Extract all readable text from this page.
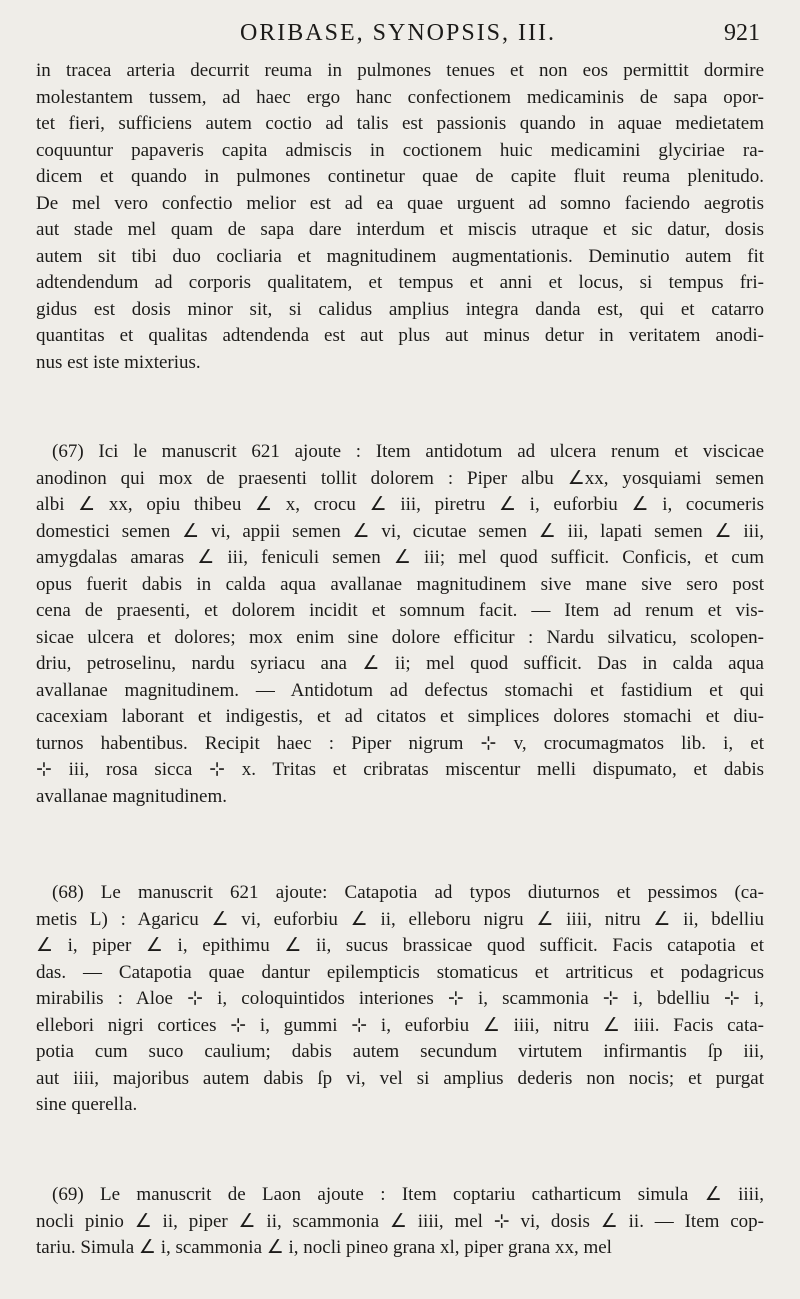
ORIBASE, SYNOPSIS, III.	921
in tracea arteria decurrit reuma in pulmones tenues et non eos permittit dormire
molestantem tussem, ad haec ergo hanc confectionem medicaminis de sapa opor-
tet fieri, sufficiens autem coctio ad talis est passionis quando in aquae medietatem
coquuntur papaveris capita admiscis in coctionem huic medicamini glyciriae ra-
dicem et quando in pulmones continetur quae de capite fluit reuma plenitudo.
De mel vero confectio melior est ad ea quae urguent ad somno faciendo aegrotis
aut stade mel quam de sapa dare interdum et miscis utraque et sic datur, dosis
autem sit tibi duo cocliaria et magnitudinem augmentationis. Deminutio autem fit
adtendendum ad corporis qualitatem, et tempus et anni et locus, si tempus fri-
gidus est dosis minor sit, si calidus amplius integra danda est, qui et catarro
quantitas et qualitas adtendenda est aut plus aut minus detur in veritatem anodi-
nus est iste mixterius.
(67) Ici le manuscrit 621 ajoute : Item antidotum ad ulcera renum et viscicae
anodinon qui mox de praesenti tollit dolorem : Piper albu ∠xx, yosquiami semen
albi ∠ xx, opiu thibeu ∠ x, crocu ∠ iii, piretru ∠ i, euforbiu ∠ i, cocumeris
domestici semen ∠ vi, appii semen ∠ vi, cicutae semen ∠ iii, lapati semen ∠ iii,
amygdalas amaras ∠ iii, feniculi semen ∠ iii; mel quod sufficit. Conficis, et cum
opus fuerit dabis in calda aqua avallanae magnitudinem sive mane sive sero post
cena de praesenti, et dolorem incidit et somnum facit. — Item ad renum et vis-
sicae ulcera et dolores; mox enim sine dolore efficitur : Nardu silvaticu, scolopen-
driu, petroselinu, nardu syriacu ana ∠ ii; mel quod sufficit. Das in calda aqua
avallanae magnitudinem. — Antidotum ad defectus stomachi et fastidium et qui
cacexiam laborant et indigestis, et ad citatos et simplices dolores stomachi et diu-
turnos habentibus. Recipit haec : Piper nigrum ⊹ v, crocumagmatos lib. i, et
⊹ iii, rosa sicca ⊹ x. Tritas et cribratas miscentur melli dispumato, et dabis
avallanae magnitudinem.
(68) Le manuscrit 621 ajoute: Catapotia ad typos diuturnos et pessimos (ca-
metis L) : Agaricu ∠ vi, euforbiu ∠ ii, elleboru nigru ∠ iiii, nitru ∠ ii, bdelliu
∠ i, piper ∠ i, epithimu ∠ ii, sucus brassicae quod sufficit. Facis catapotia et
das. — Catapotia quae dantur epilempticis stomaticus et artriticus et podagricus
mirabilis : Aloe ⊹ i, coloquintidos interiones ⊹ i, scammonia ⊹ i, bdelliu ⊹ i,
ellebori nigri cortices ⊹ i, gummi ⊹ i, euforbiu ∠ iiii, nitru ∠ iiii. Facis cata-
potia cum suco caulium; dabis autem secundum virtutem infirmantis ſp iii,
aut iiii, majoribus autem dabis ſp vi, vel si amplius dederis non nocis; et purgat
sine querella.
(69) Le manuscrit de Laon ajoute : Item coptariu catharticum simula ∠ iiii,
nocli pinio ∠ ii, piper ∠ ii, scammonia ∠ iiii, mel ⊹ vi, dosis ∠ ii. — Item cop-
tariu. Simula ∠ i, scammonia ∠ i, nocli pineo grana xl, piper grana xx, mel
